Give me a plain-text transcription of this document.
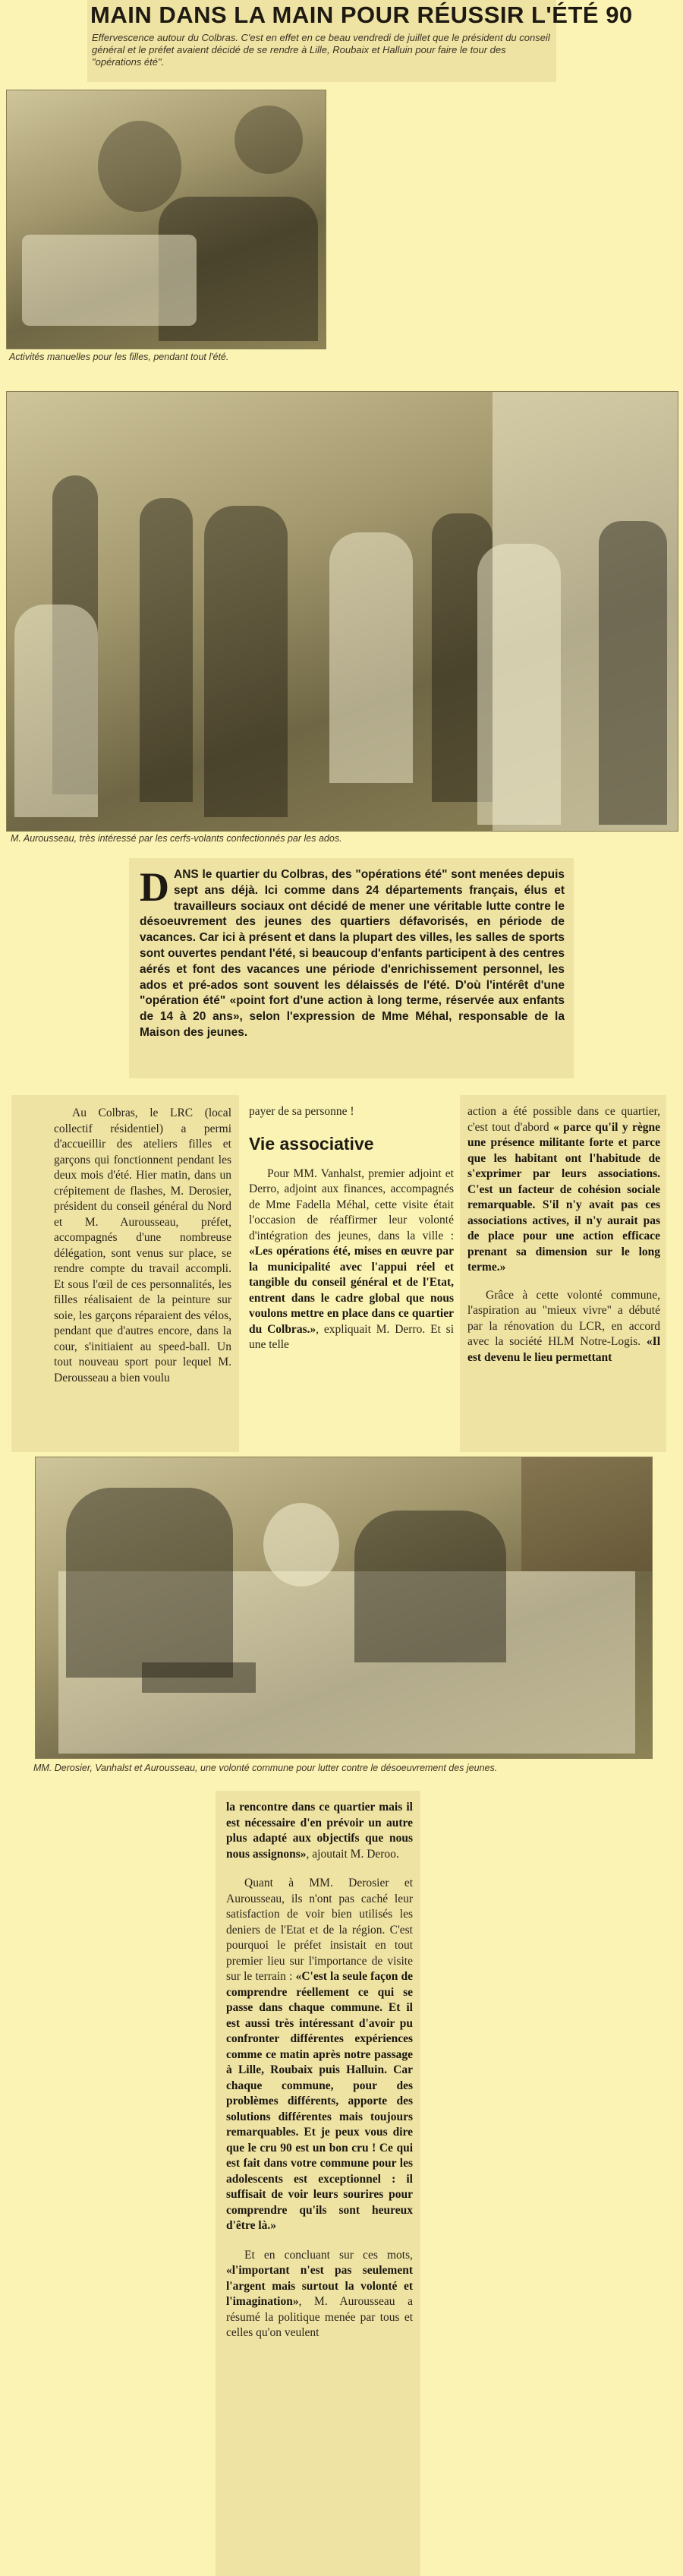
MAIN DANS LA MAIN POUR RÉUSSIR L'ÉTÉ 90

Effervescence autour du Colbras. C'est en effet en ce beau vendredi de juillet que le président du conseil général et le préfet avaient décidé de se rendre à Lille, Roubaix et Halluin pour faire le tour des "opérations été".

Activités manuelles pour les filles, pendant tout l'été.

M. Aurousseau, très intéressé par les cerfs-volants confectionnés par les ados.

DANS le quartier du Colbras, des "opérations été" sont menées depuis sept ans déjà. Ici comme dans 24 départements français, élus et travailleurs sociaux ont décidé de mener une véritable lutte contre le désoeuvrement des jeunes des quartiers défavorisés, en période de vacances. Car ici à présent et dans la plupart des villes, les salles de sports sont ouvertes pendant l'été, si beaucoup d'enfants participent à des centres aérés et font des vacances une période d'enrichissement personnel, les ados et pré-ados sont souvent les délaissés de l'été. D'où l'intérêt d'une "opération été" «point fort d'une action à long terme, réservée aux enfants de 14 à 20 ans», selon l'expression de Mme Méhal, responsable de la Maison des jeunes.

Au Colbras, le LRC (local collectif résidentiel) a permi d'accueillir des ateliers filles et garçons qui fonctionnent pendant les deux mois d'été. Hier matin, dans un crépitement de flashes, M. Derosier, président du conseil général du Nord et M. Aurousseau, préfet, accompagnés d'une nombreuse délégation, sont venus sur place, se rendre compte du travail accompli. Et sous l'œil de ces personnalités, les filles réalisaient de la peinture sur soie, les garçons réparaient des vélos, pendant que d'autres encore, dans la cour, s'initiaient au speed-ball. Un tout nouveau sport pour lequel M. Derousseau a bien voulu

payer de sa personne !

Vie associative

Pour MM. Vanhalst, premier adjoint et Derro, adjoint aux finances, accompagnés de Mme Fadella Méhal, cette visite était l'occasion de réaffirmer leur volonté d'intégration des jeunes, dans la ville : «Les opérations été, mises en œuvre par la municipalité avec l'appui réel et tangible du conseil général et de l'Etat, entrent dans le cadre global que nous voulons mettre en place dans ce quartier du Colbras.», expliquait M. Derro. Et si une telle

action a été possible dans ce quartier, c'est tout d'abord « parce qu'il y règne une présence militante forte et parce que les habitant ont l'habitude de s'exprimer par leurs associations. C'est un facteur de cohésion sociale remarquable. S'il n'y avait pas ces associations actives, il n'y aurait pas de place pour une action efficace prenant sa dimension sur le long terme.»

Grâce à cette volonté commune, l'aspiration au "mieux vivre" a débuté par la rénovation du LCR, en accord avec la société HLM Notre-Logis. «Il est devenu le lieu permettant

MM. Derosier, Vanhalst et Aurousseau, une volonté commune pour lutter contre le désoeuvrement des jeunes.

la rencontre dans ce quartier mais il est nécessaire d'en prévoir un autre plus adapté aux objectifs que nous nous assignons», ajoutait M. Deroo.

Quant à MM. Derosier et Aurousseau, ils n'ont pas caché leur satisfaction de voir bien utilisés les deniers de l'Etat et de la région. C'est pourquoi le préfet insistait en tout premier lieu sur l'importance de visite sur le terrain : «C'est la seule façon de comprendre réellement ce qui se passe dans chaque commune. Et il est aussi très intéressant d'avoir pu confronter différentes expériences comme ce matin après notre passage à Lille, Roubaix puis Halluin. Car chaque commune, pour des problèmes différents, apporte des solutions différentes mais toujours remarquables. Et je peux vous dire que le cru 90 est un bon cru ! Ce qui est fait dans votre commune pour les adolescents est exceptionnel : il suffisait de voir leurs sourires pour comprendre qu'ils sont heureux d'être là.»

Et en concluant sur ces mots, «l'important n'est pas seulement l'argent mais surtout la volonté et l'imagination», M. Aurousseau a résumé la politique menée par tous et celles qu'on veulent
